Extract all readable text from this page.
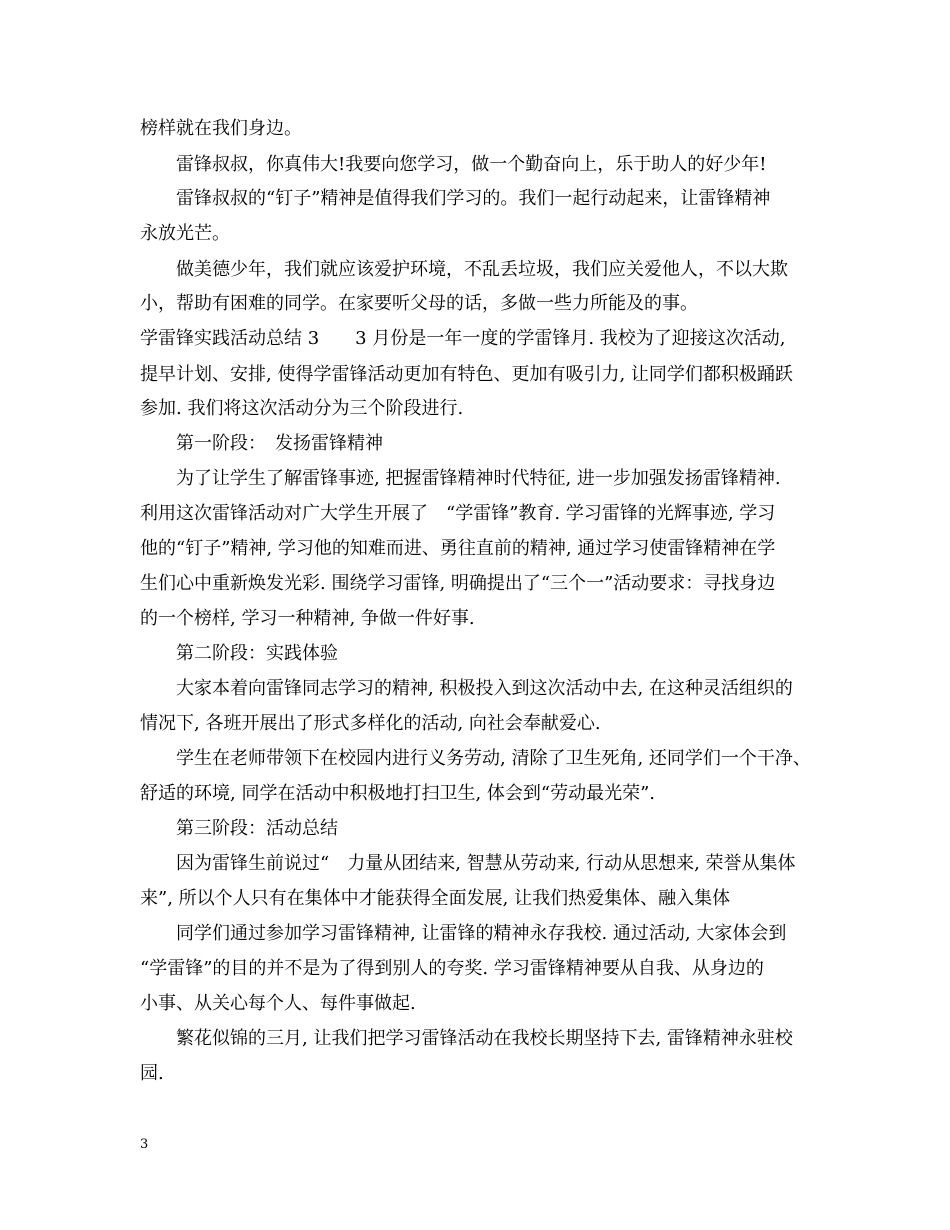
榜样就在我们身边。
雷锋叔叔，你真伟大!我要向您学习，做一个勤奋向上，乐于助人的好少年!
雷锋叔叔的“钉子”精神是值得我们学习的。我们一起行动起来，让雷锋精神
永放光芒。
做美德少年，我们就应该爱护环境，不乱丢垃圾，我们应关爱他人，不以大欺
小，帮助有困难的同学。在家要听父母的话，多做一些力所能及的事。
学雷锋实践活动总结 3　　3 月份是一年一度的学雷锋月. 我校为了迎接这次活动,
提早计划、安排, 使得学雷锋活动更加有特色、更加有吸引力, 让同学们都积极踊跃
参加. 我们将这次活动分为三个阶段进行.
第一阶段：　发扬雷锋精神
为了让学生了解雷锋事迹, 把握雷锋精神时代特征, 进一步加强发扬雷锋精神.
利用这次雷锋活动对广大学生开展了　“学雷锋”教育. 学习雷锋的光辉事迹, 学习
他的“钉子”精神, 学习他的知难而进、勇往直前的精神, 通过学习使雷锋精神在学
生们心中重新焕发光彩. 围绕学习雷锋, 明确提出了“三个一”活动要求：寻找身边
的一个榜样, 学习一种精神, 争做一件好事.
第二阶段：实践体验
大家本着向雷锋同志学习的精神, 积极投入到这次活动中去, 在这种灵活组织的
情况下, 各班开展出了形式多样化的活动, 向社会奉献爱心.
学生在老师带领下在校园内进行义务劳动, 清除了卫生死角, 还同学们一个干净、
舒适的环境, 同学在活动中积极地打扫卫生, 体会到“劳动最光荣”.
第三阶段：活动总结
因为雷锋生前说过“　力量从团结来, 智慧从劳动来, 行动从思想来, 荣誉从集体
来”, 所以个人只有在集体中才能获得全面发展, 让我们热爱集体、融入集体
同学们通过参加学习雷锋精神, 让雷锋的精神永存我校. 通过活动, 大家体会到
“学雷锋”的目的并不是为了得到别人的夸奖. 学习雷锋精神要从自我、从身边的
小事、从关心每个人、每件事做起.
繁花似锦的三月, 让我们把学习雷锋活动在我校长期坚持下去, 雷锋精神永驻校
园.
3
